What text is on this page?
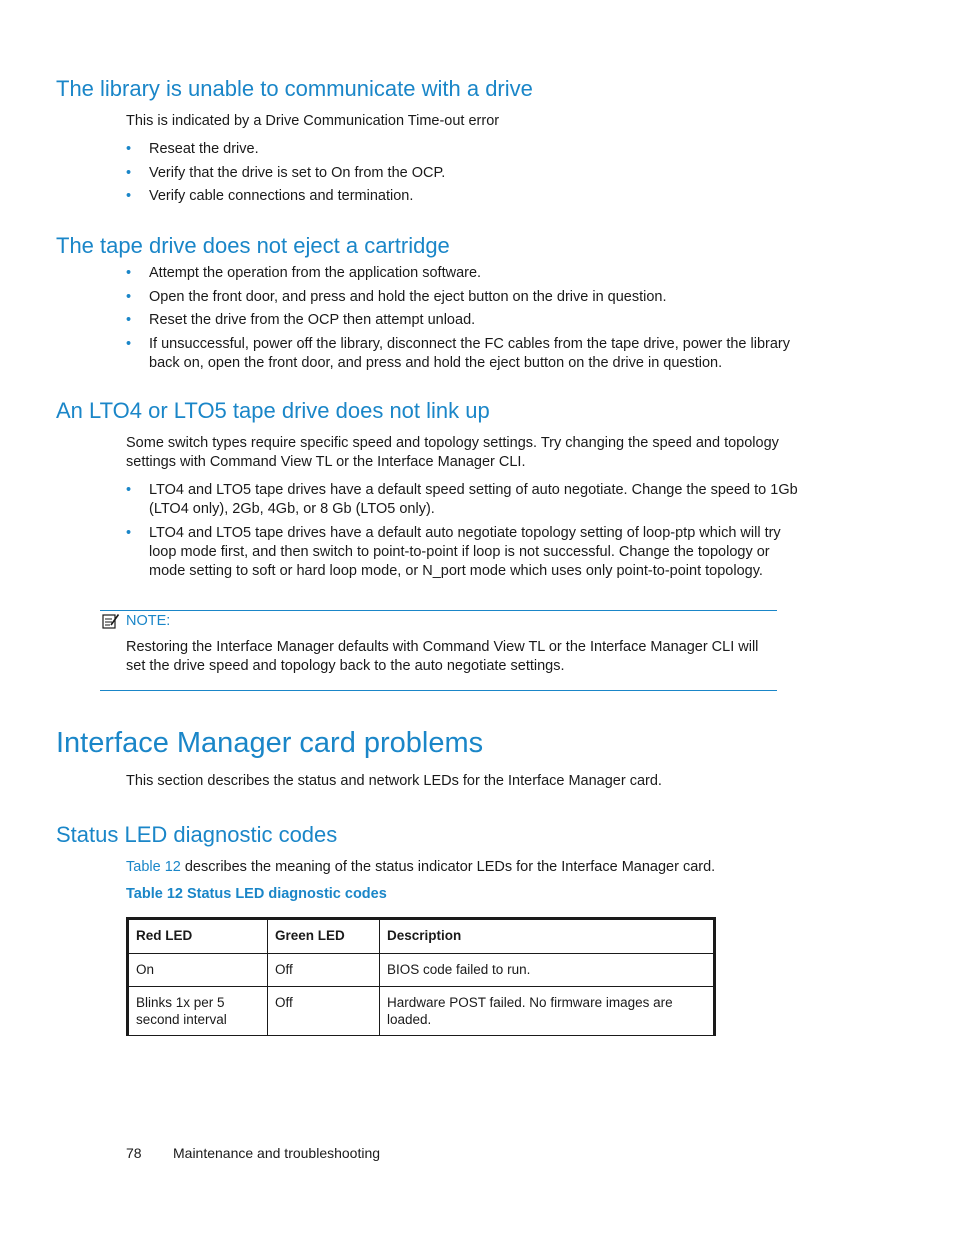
The library is unable to communicate with a drive

This is indicated by a Drive Communication Time-out error

• Reseat the drive.
• Verify that the drive is set to On from the OCP.
• Verify cable connections and termination.
The tape drive does not eject a cartridge
• Attempt the operation from the application software.
• Open the front door, and press and hold the eject button on the drive in question.
• Reset the drive from the OCP then attempt unload.
• If unsuccessful, power off the library, disconnect the FC cables from the tape drive, power the library back on, open the front door, and press and hold the eject button on the drive in question.
An LTO4 or LTO5 tape drive does not link up

Some switch types require specific speed and topology settings. Try changing the speed and topology settings with Command View TL or the Interface Manager CLI.

• LTO4 and LTO5 tape drives have a default speed setting of auto negotiate. Change the speed to 1Gb (LTO4 only), 2Gb, 4Gb, or 8 Gb (LTO5 only).
• LTO4 and LTO5 tape drives have a default auto negotiate topology setting of loop-ptp which will try loop mode first, and then switch to point-to-point if loop is not successful. Change the topology or mode setting to soft or hard loop mode, or N_port mode which uses only point-to-point topology.
NOTE:

Restoring the Interface Manager defaults with Command View TL or the Interface Manager CLI will set the drive speed and topology back to the auto negotiate settings.

Interface Manager card problems

This section describes the status and network LEDs for the Interface Manager card.

Status LED diagnostic codes

Table 12 describes the meaning of the status indicator LEDs for the Interface Manager card.

Table 12 Status LED diagnostic codes
Red LED	Green LED	Description
On	Off	BIOS code failed to run.
Blinks 1x per 5 second interval	Off	Hardware POST failed. No firmware images are loaded.
78 Maintenance and troubleshooting
